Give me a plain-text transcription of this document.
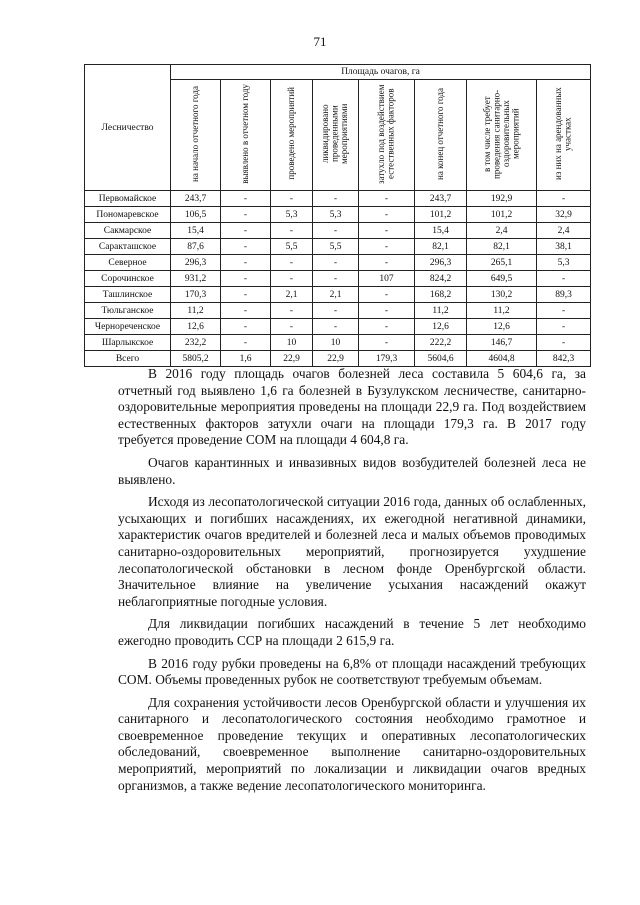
71
Лесничество	Площадь очагов, га							
	на начало отчетного года	выявлено в отчетном году	проведено мероприятий	ликвидировано проведенными мероприятиями	затухло под воздействием естественных факторов	на конец отчетного года	в том числе требует проведения санитарно-оздоровительных мероприятий	из них на арендованных участках
Первомайское	243,7	-	-	-	-	243,7	192,9	-
Пономаревское	106,5	-	5,3	5,3	-	101,2	101,2	32,9
Сакмарское	15,4	-	-	-	-	15,4	2,4	2,4
Саракташское	87,6	-	5,5	5,5	-	82,1	82,1	38,1
Северное	296,3	-	-	-	-	296,3	265,1	5,3
Сорочинское	931,2	-	-	-	107	824,2	649,5	-
Ташлинское	170,3	-	2,1	2,1	-	168,2	130,2	89,3
Тюльганское	11,2	-	-	-	-	11,2	11,2	-
Чернореченское	12,6	-	-	-	-	12,6	12,6	-
Шарлыкское	232,2	-	10	10	-	222,2	146,7	-
Всего	5805,2	1,6	22,9	22,9	179,3	5604,6	4604,8	842,3

В 2016 году площадь очагов болезней леса составила 5 604,6 га, за отчетный год выявлено 1,6 га болезней в Бузулукском лесничестве, санитарно-оздоровительные мероприятия проведены на площади 22,9 га. Под воздействием естественных факторов затухли очаги на площади 179,3 га. В 2017 году требуется проведение СОМ на площади 4 604,8 га.

Очагов карантинных и инвазивных видов возбудителей болезней леса не выявлено.

Исходя из лесопатологической ситуации 2016 года, данных об ослабленных, усыхающих и погибших насаждениях, их ежегодной негативной динамики, характеристик очагов вредителей и болезней леса и малых объемов проводимых санитарно-оздоровительных мероприятий, прогнозируется ухудшение лесопатологической обстановки в лесном фонде Оренбургской области. Значительное влияние на увеличение усыхания насаждений окажут неблагоприятные погодные условия.

Для ликвидации погибших насаждений в течение 5 лет необходимо ежегодно проводить ССР на площади 2 615,9 га.

В 2016 году рубки проведены на 6,8% от площади насаждений требующих СОМ. Объемы проведенных рубок не соответствуют требуемым объемам.

Для сохранения устойчивости лесов Оренбургской области и улучшения их санитарного и лесопатологического состояния необходимо грамотное и своевременное проведение текущих и оперативных лесопатологических обследований, своевременное выполнение санитарно-оздоровительных мероприятий, мероприятий по локализации и ликвидации очагов вредных организмов, а также ведение лесопатологического мониторинга.
